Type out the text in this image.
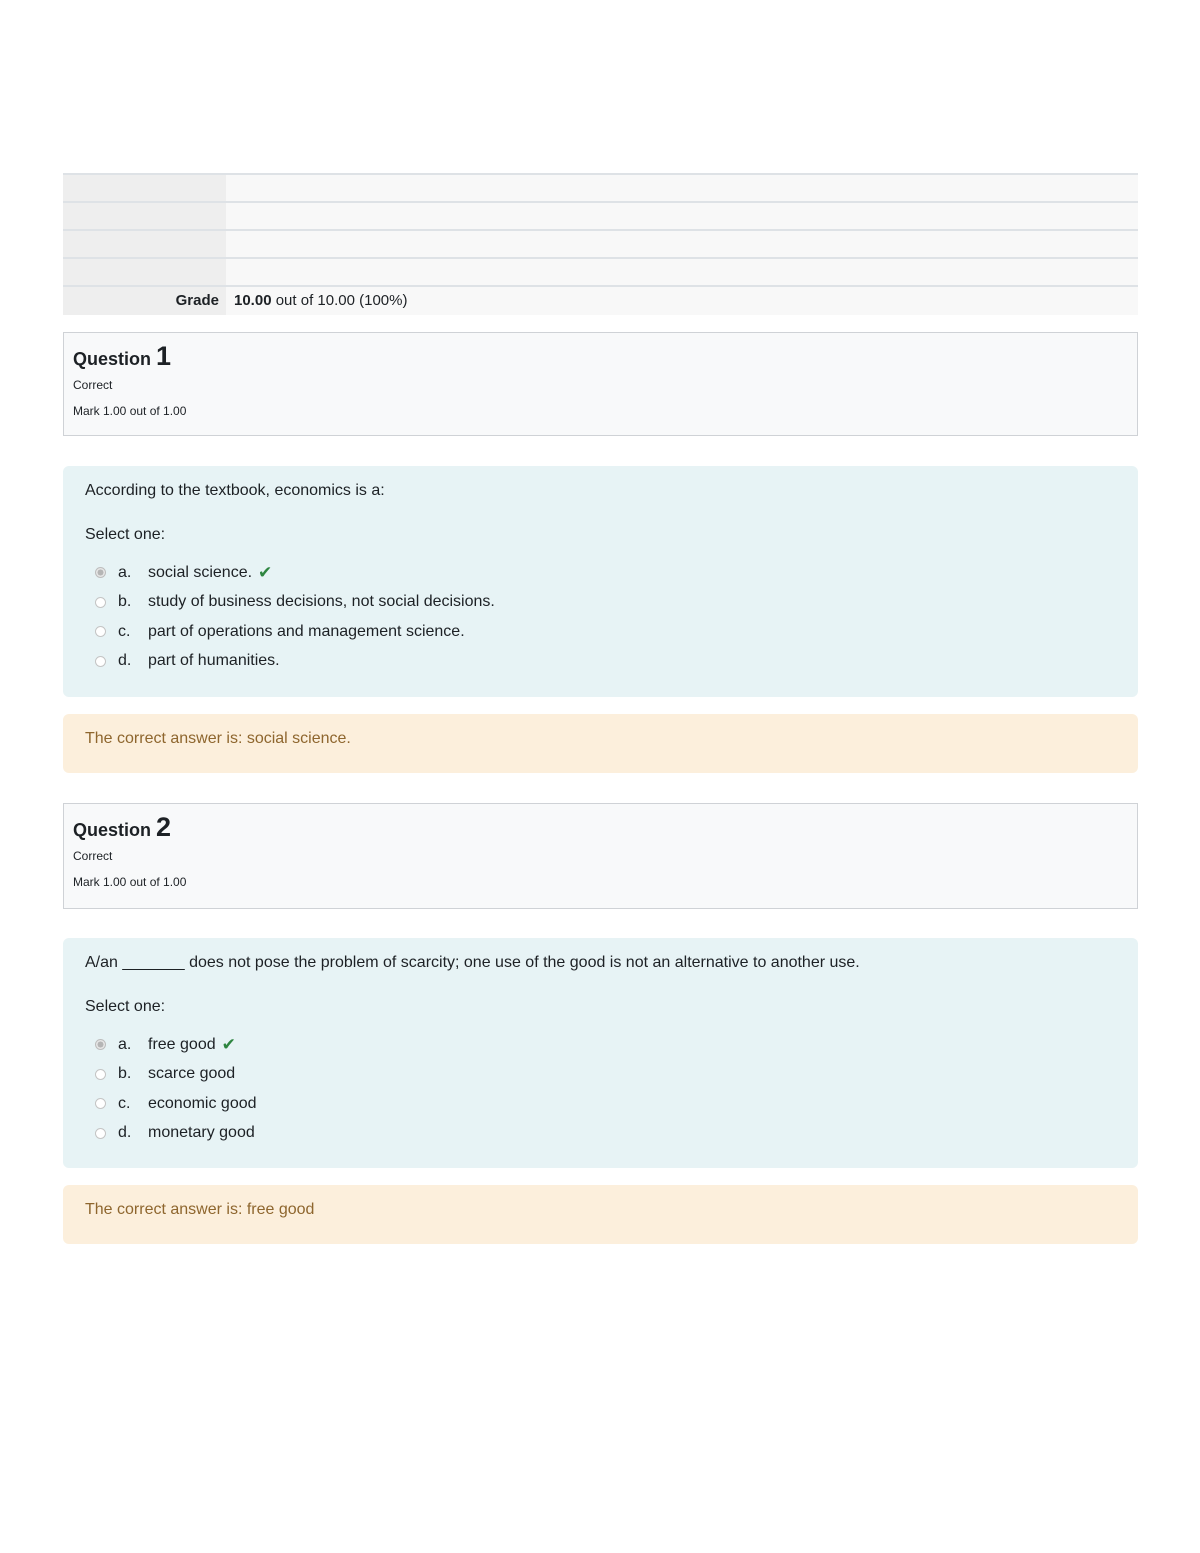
Grade	10.00 out of 10.00 (100%)
Question 1
Correct
Mark 1.00 out of 1.00
According to the textbook, economics is a:
Select one:
a.	social science. ✔
b.	study of business decisions, not social decisions.
c.	part of operations and management science.
d.	part of humanities.
The correct answer is: social science.
Question 2
Correct
Mark 1.00 out of 1.00
A/an _______ does not pose the problem of scarcity; one use of the good is not an alternative to another use.
Select one:
a.	free good ✔
b.	scarce good
c.	economic good
d.	monetary good
The correct answer is: free good
